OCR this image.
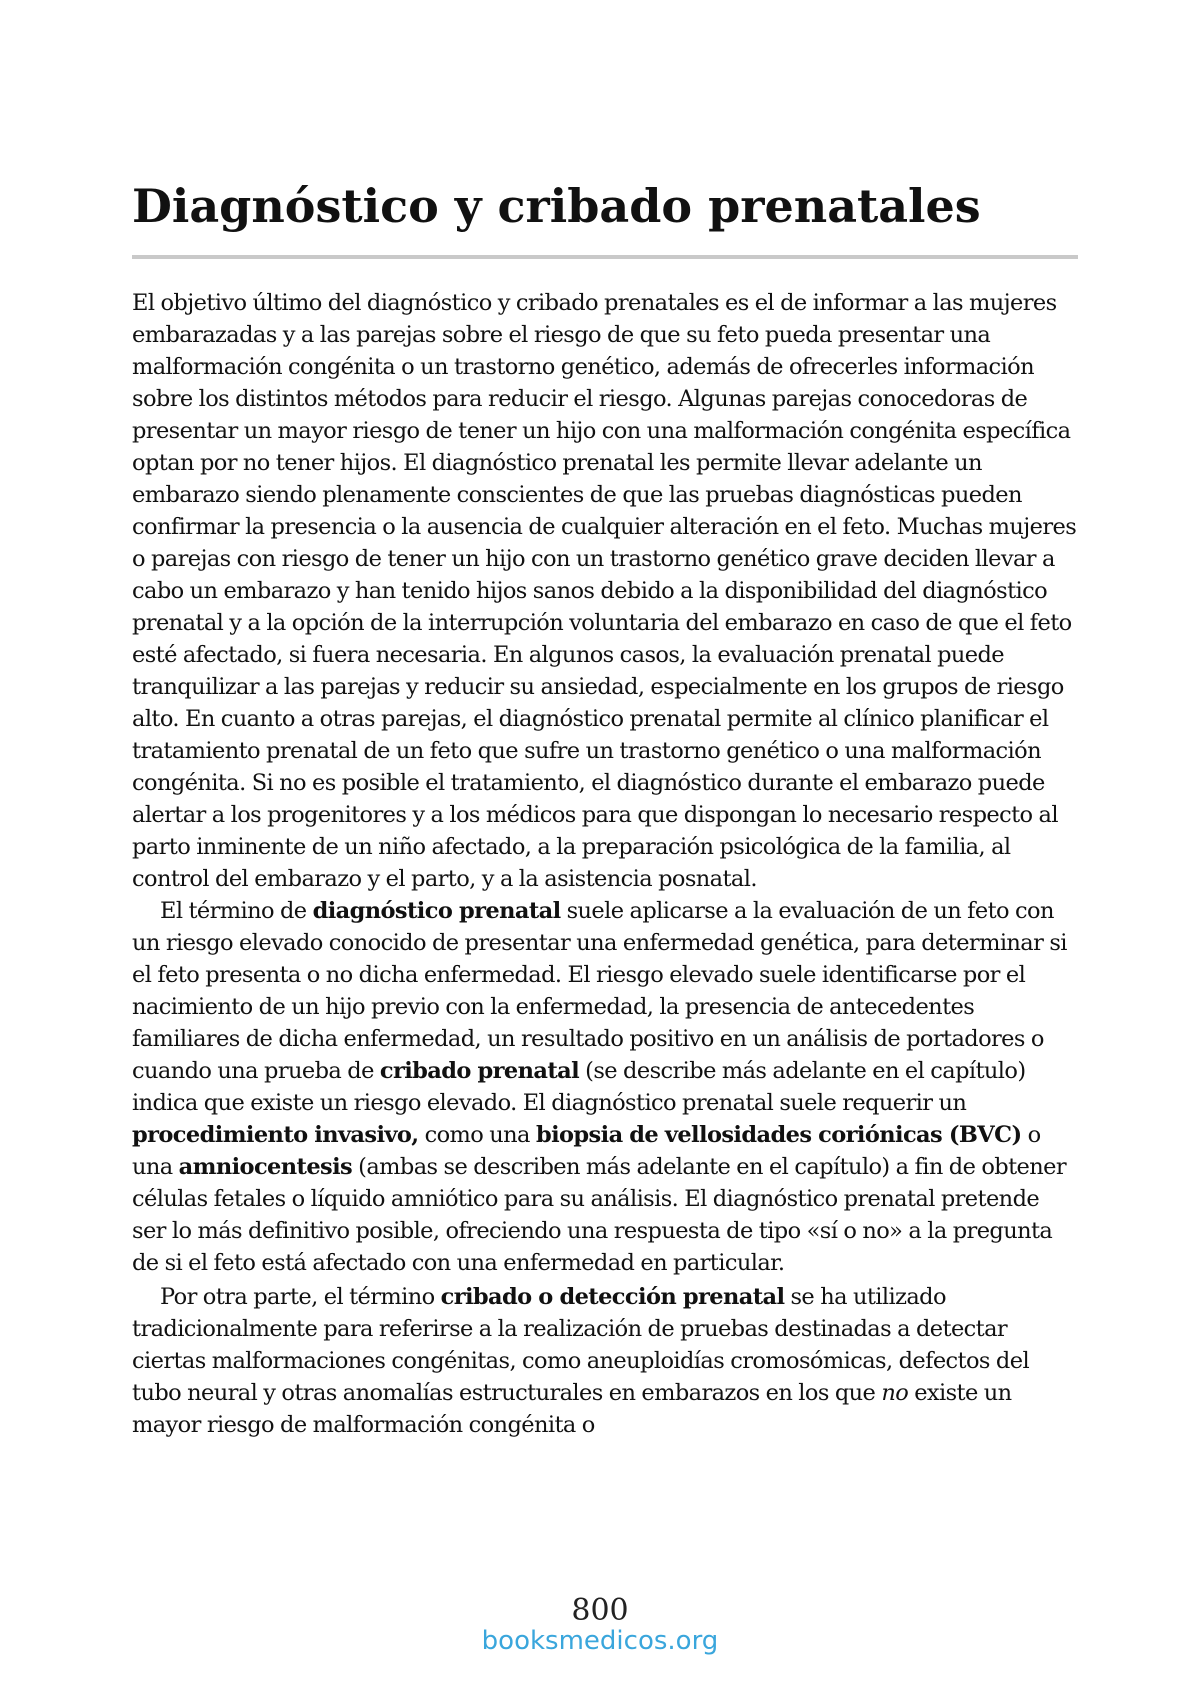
Diagnóstico y cribado prenatales

El objetivo último del diagnóstico y cribado prenatales es el de informar a las mujeres embarazadas y a las parejas sobre el riesgo de que su feto pueda presentar una malformación congénita o un trastorno genético, además de ofrecerles información sobre los distintos métodos para reducir el riesgo. Algunas parejas conocedoras de presentar un mayor riesgo de tener un hijo con una malformación congénita específica optan por no tener hijos. El diagnóstico prenatal les permite llevar adelante un embarazo siendo plenamente conscientes de que las pruebas diagnósticas pueden confirmar la presencia o la ausencia de cualquier alteración en el feto. Muchas mujeres o parejas con riesgo de tener un hijo con un trastorno genético grave deciden llevar a cabo un embarazo y han tenido hijos sanos debido a la disponibilidad del diagnóstico prenatal y a la opción de la interrupción voluntaria del embarazo en caso de que el feto esté afectado, si fuera necesaria. En algunos casos, la evaluación prenatal puede tranquilizar a las parejas y reducir su ansiedad, especialmente en los grupos de riesgo alto. En cuanto a otras parejas, el diagnóstico prenatal permite al clínico planificar el tratamiento prenatal de un feto que sufre un trastorno genético o una malformación congénita. Si no es posible el tratamiento, el diagnóstico durante el embarazo puede alertar a los progenitores y a los médicos para que dispongan lo necesario respecto al parto inminente de un niño afectado, a la preparación psicológica de la familia, al control del embarazo y el parto, y a la asistencia posnatal.

El término de diagnóstico prenatal suele aplicarse a la evaluación de un feto con un riesgo elevado conocido de presentar una enfermedad genética, para determinar si el feto presenta o no dicha enfermedad. El riesgo elevado suele identificarse por el nacimiento de un hijo previo con la enfermedad, la presencia de antecedentes familiares de dicha enfermedad, un resultado positivo en un análisis de portadores o cuando una prueba de cribado prenatal (se describe más adelante en el capítulo) indica que existe un riesgo elevado. El diagnóstico prenatal suele requerir un procedimiento invasivo, como una biopsia de vellosidades coriónicas (BVC) o una amniocentesis (ambas se describen más adelante en el capítulo) a fin de obtener células fetales o líquido amniótico para su análisis. El diagnóstico prenatal pretende ser lo más definitivo posible, ofreciendo una respuesta de tipo «sí o no» a la pregunta de si el feto está afectado con una enfermedad en particular.

Por otra parte, el término cribado o detección prenatal se ha utilizado tradicionalmente para referirse a la realización de pruebas destinadas a detectar ciertas malformaciones congénitas, como aneuploidías cromosómicas, defectos del tubo neural y otras anomalías estructurales en embarazos en los que no existe un mayor riesgo de malformación congénita o

800
booksmedicos.org
